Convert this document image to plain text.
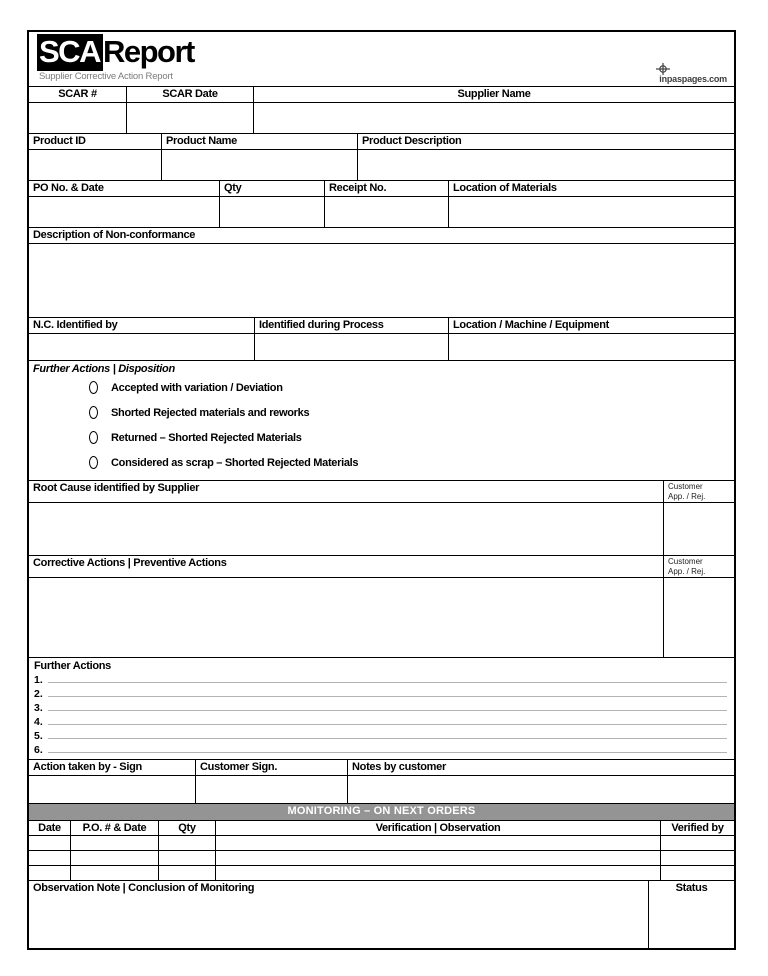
SCAReport
Supplier Corrective Action Report	inpaspages.com
SCAR #	SCAR Date	Supplier Name
Product ID	Product Name	Product Description
PO No. & Date	Qty	Receipt No.	Location of Materials
Description of Non-conformance
N.C. Identified by	Identified during Process	Location / Machine / Equipment
Further Actions | Disposition
Accepted with variation / Deviation
Shorted Rejected materials and reworks
Returned – Shorted Rejected Materials
Considered as scrap – Shorted Rejected Materials
Root Cause identified by Supplier	Customer
App. / Rej.
Corrective Actions | Preventive Actions	Customer
App. / Rej.
Further Actions
1.
2.
3.
4.
5.
6.
Action taken by - Sign	Customer Sign.	Notes by customer
MONITORING – ON NEXT ORDERS
Date	P.O. # & Date	Qty	Verification | Observation	Verified by
Observation Note | Conclusion of Monitoring	Status
